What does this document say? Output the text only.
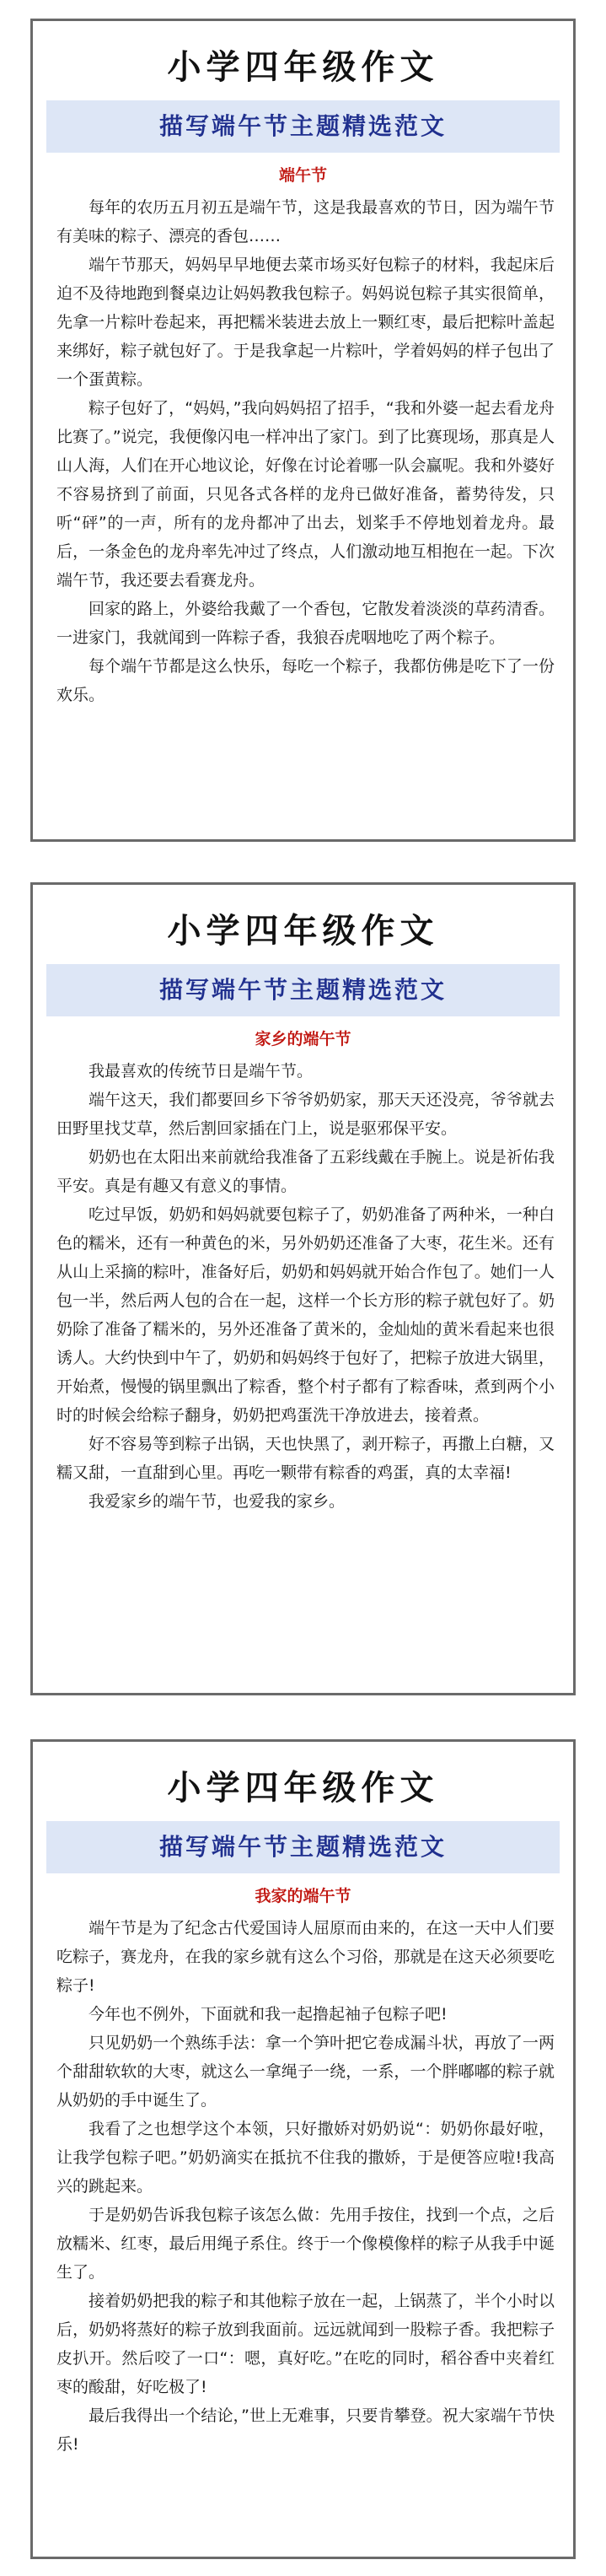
小学四年级作文
描写端午节主题精选范文
端午节

每年的农历五月初五是端午节，这是我最喜欢的节日，因为端午节有美味的粽子、漂亮的香包……

端午节那天，妈妈早早地便去菜市场买好包粽子的材料，我起床后迫不及待地跑到餐桌边让妈妈教我包粽子。妈妈说包粽子其实很简单，先拿一片粽叶卷起来，再把糯米装进去放上一颗红枣，最后把粽叶盖起来绑好，粽子就包好了。于是我拿起一片粽叶，学着妈妈的样子包出了一个蛋黄粽。

粽子包好了，“妈妈，”我向妈妈招了招手，“我和外婆一起去看龙舟比赛了。”说完，我便像闪电一样冲出了家门。到了比赛现场，那真是人山人海，人们在开心地议论，好像在讨论着哪一队会赢呢。我和外婆好不容易挤到了前面，只见各式各样的龙舟已做好准备，蓄势待发，只听“砰”的一声，所有的龙舟都冲了出去，划桨手不停地划着龙舟。最后，一条金色的龙舟率先冲过了终点，人们激动地互相抱在一起。下次端午节，我还要去看赛龙舟。

回家的路上，外婆给我戴了一个香包，它散发着淡淡的草药清香。一进家门，我就闻到一阵粽子香，我狼吞虎咽地吃了两个粽子。

每个端午节都是这么快乐，每吃一个粽子，我都仿佛是吃下了一份欢乐。

小学四年级作文
描写端午节主题精选范文
家乡的端午节

我最喜欢的传统节日是端午节。

端午这天，我们都要回乡下爷爷奶奶家，那天天还没亮，爷爷就去田野里找艾草，然后割回家插在门上，说是驱邪保平安。

奶奶也在太阳出来前就给我准备了五彩线戴在手腕上。说是祈佑我平安。真是有趣又有意义的事情。

吃过早饭，奶奶和妈妈就要包粽子了，奶奶准备了两种米，一种白色的糯米，还有一种黄色的米，另外奶奶还准备了大枣，花生米。还有从山上采摘的粽叶，准备好后，奶奶和妈妈就开始合作包了。她们一人包一半，然后两人包的合在一起，这样一个长方形的粽子就包好了。奶奶除了准备了糯米的，另外还准备了黄米的，金灿灿的黄米看起来也很诱人。大约快到中午了，奶奶和妈妈终于包好了，把粽子放进大锅里，开始煮，慢慢的锅里飘出了粽香，整个村子都有了粽香味，煮到两个小时的时候会给粽子翻身，奶奶把鸡蛋洗干净放进去，接着煮。

好不容易等到粽子出锅，天也快黑了，剥开粽子，再撒上白糖，又糯又甜，一直甜到心里。再吃一颗带有粽香的鸡蛋，真的太幸福!

我爱家乡的端午节，也爱我的家乡。

小学四年级作文
描写端午节主题精选范文
我家的端午节

端午节是为了纪念古代爱国诗人屈原而由来的，在这一天中人们要吃粽子，赛龙舟，在我的家乡就有这么个习俗，那就是在这天必须要吃粽子!

今年也不例外，下面就和我一起撸起袖子包粽子吧!

只见奶奶一个熟练手法：拿一个笋叶把它卷成漏斗状，再放了一两个甜甜软软的大枣，就这么一拿绳子一绕，一系，一个胖嘟嘟的粽子就从奶奶的手中诞生了。

我看了之也想学这个本领，只好撒娇对奶奶说“：奶奶你最好啦，让我学包粽子吧。”奶奶滴实在抵抗不住我的撒娇，于是便答应啦!我高兴的跳起来。

于是奶奶告诉我包粽子该怎么做：先用手按住，找到一个点，之后放糯米、红枣，最后用绳子系住。终于一个像模像样的粽子从我手中诞生了。

接着奶奶把我的粽子和其他粽子放在一起，上锅蒸了，半个小时以后，奶奶将蒸好的粽子放到我面前。远远就闻到一股粽子香。我把粽子皮扒开。然后咬了一口“：嗯，真好吃。”在吃的同时，稻谷香中夹着红枣的酸甜，好吃极了!

最后我得出一个结论，”世上无难事，只要肯攀登。祝大家端午节快乐!
